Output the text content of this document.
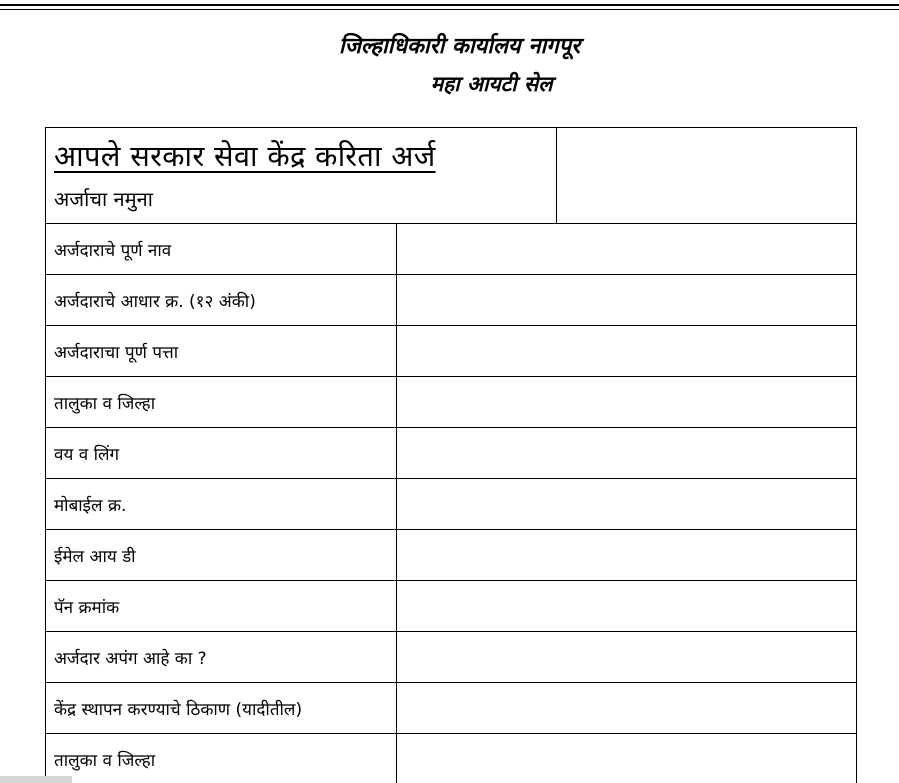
जिल्हाधिकारी कार्यालय नागपूर
महा आयटी सेल
आपले सरकार सेवा केंद्र करिता अर्ज
अर्जाचा नमुना		

अर्जदाराचे पूर्ण नाव		
अर्जदाराचे आधार क्र. (१२ अंकी)		
अर्जदाराचा पूर्ण पत्ता		
तालुका व जिल्हा		
वय व लिंग		
मोबाईल क्र.		
ईमेल आय डी		
पॅन क्रमांक		
अर्जदार अपंग आहे का ?		
केंद्र स्थापन करण्याचे ठिकाण (यादीतील)		
तालुका व जिल्हा		
